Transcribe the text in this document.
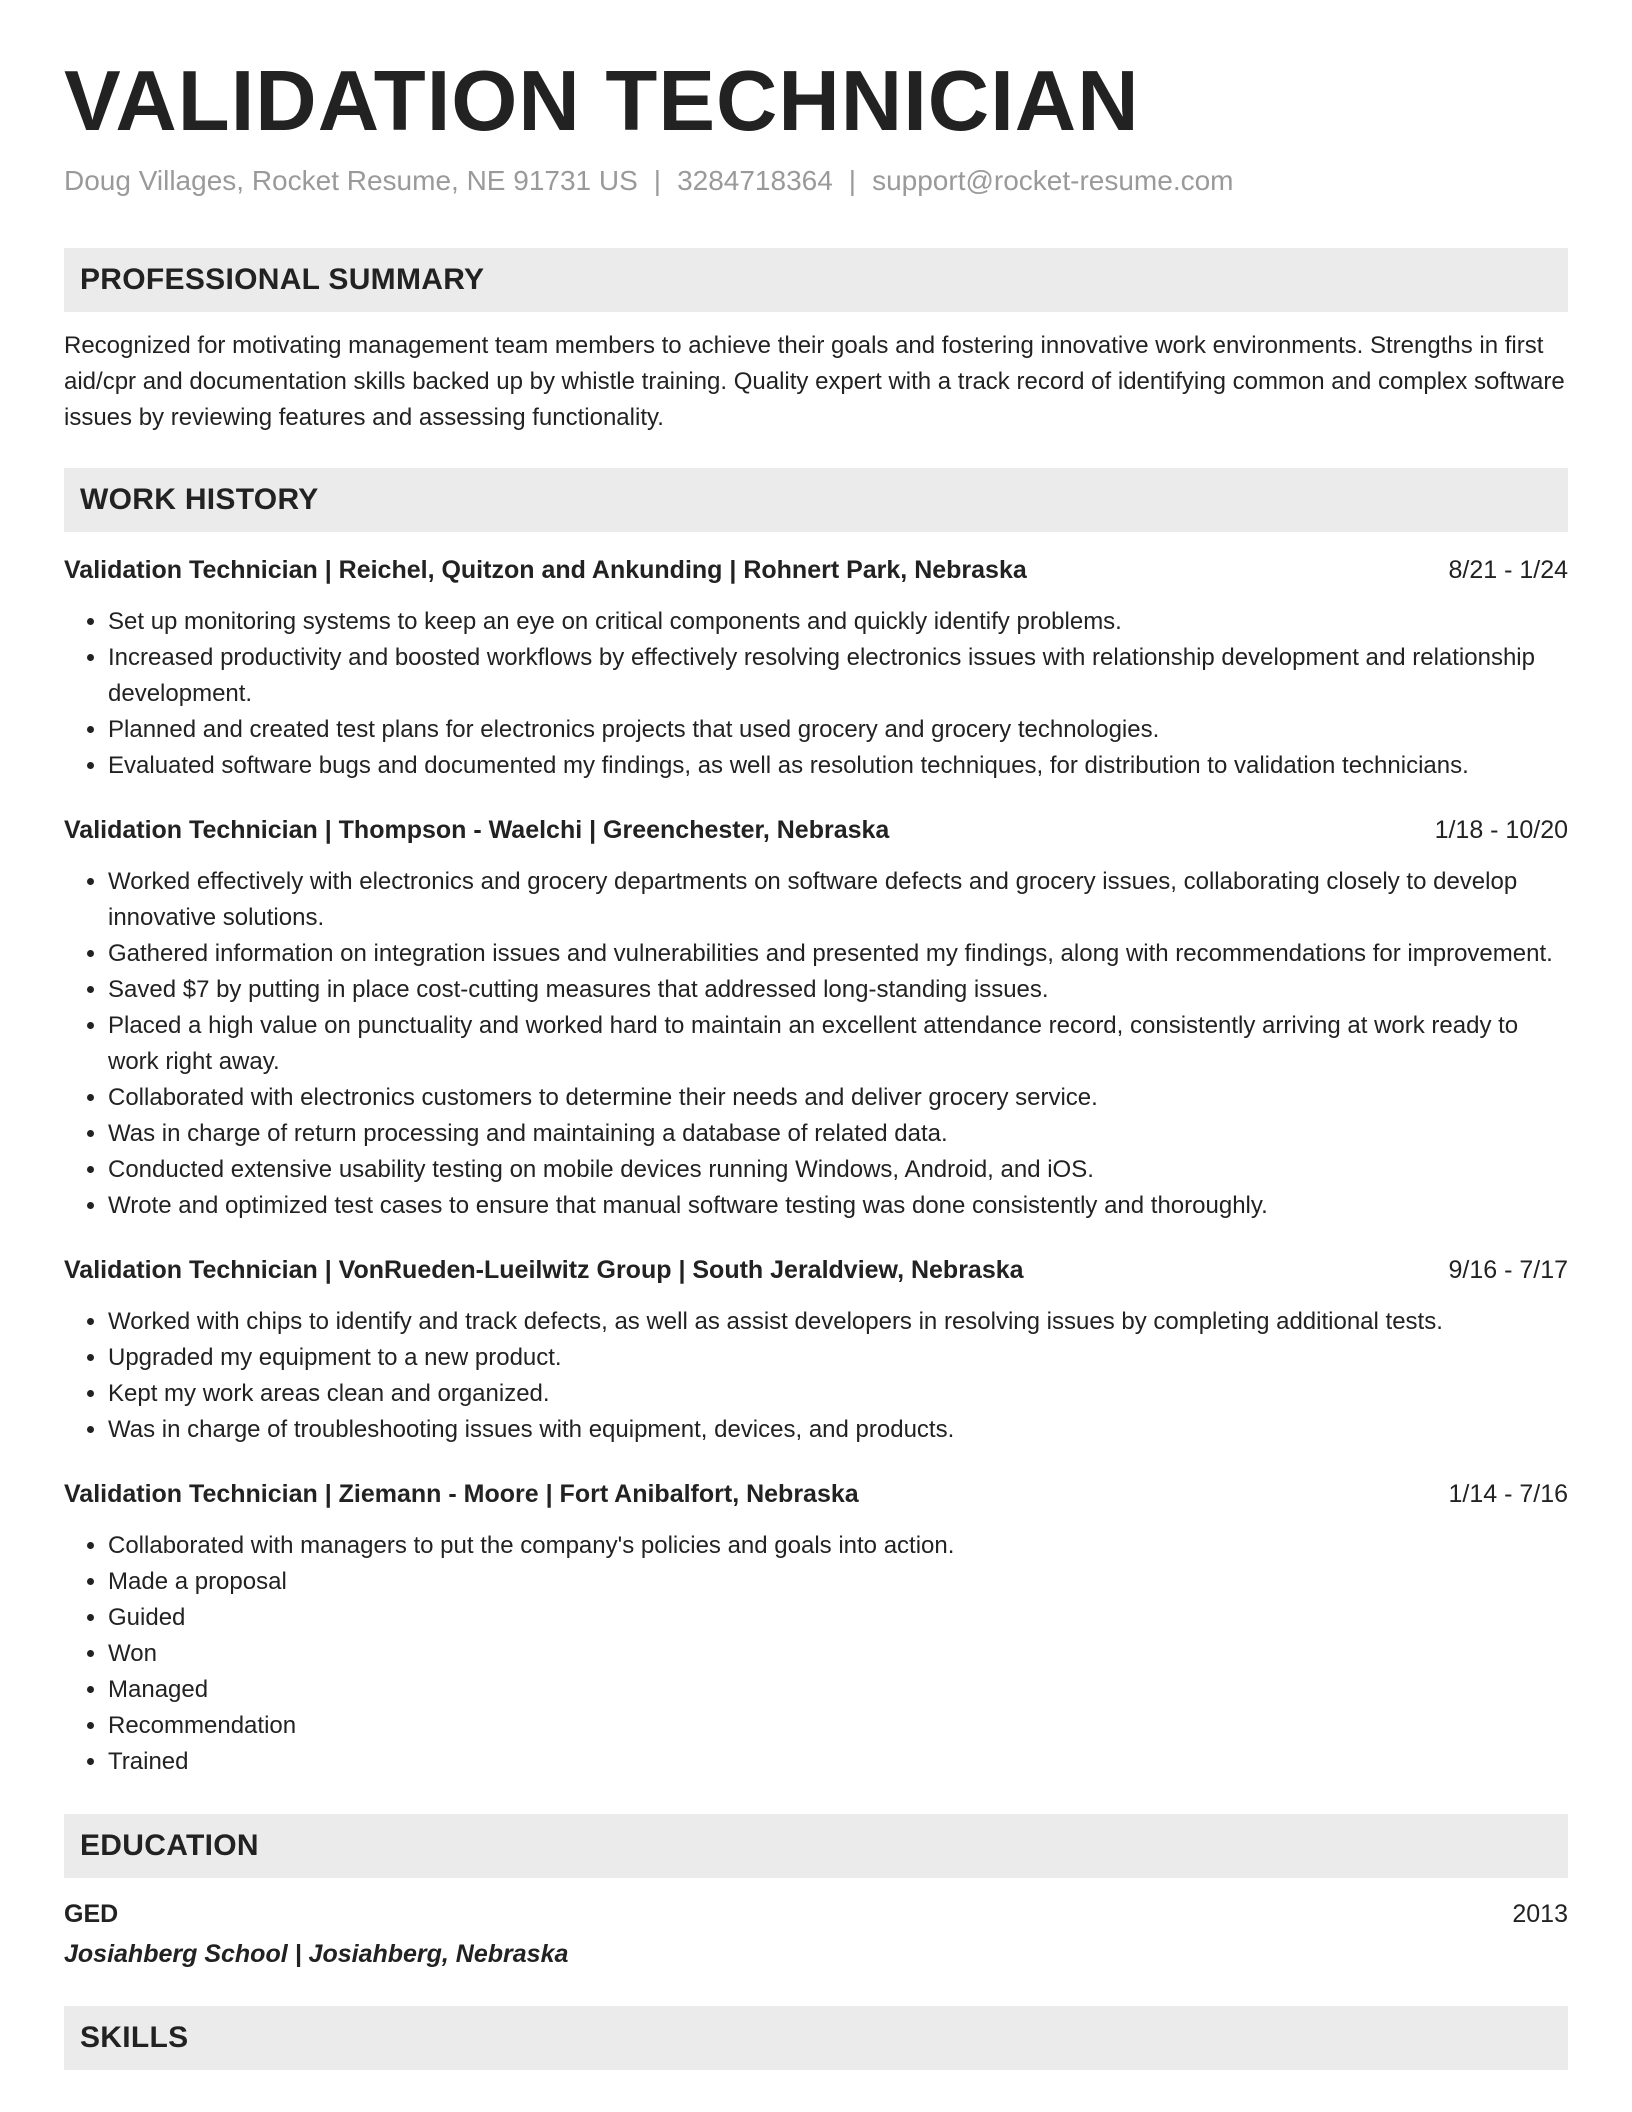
VALIDATION TECHNICIAN
Doug Villages, Rocket Resume, NE 91731 US | 3284718364 | support@rocket-resume.com
PROFESSIONAL SUMMARY

Recognized for motivating management team members to achieve their goals and fostering innovative work environments. Strengths in first aid/cpr and documentation skills backed up by whistle training. Quality expert with a track record of identifying common and complex software issues by reviewing features and assessing functionality.

WORK HISTORY
Validation Technician | Reichel, Quitzon and Ankunding | Rohnert Park, Nebraska	8/21 - 1/24
• Set up monitoring systems to keep an eye on critical components and quickly identify problems.
• Increased productivity and boosted workflows by effectively resolving electronics issues with relationship development and relationship development.
• Planned and created test plans for electronics projects that used grocery and grocery technologies.
• Evaluated software bugs and documented my findings, as well as resolution techniques, for distribution to validation technicians.
Validation Technician | Thompson - Waelchi | Greenchester, Nebraska	1/18 - 10/20
• Worked effectively with electronics and grocery departments on software defects and grocery issues, collaborating closely to develop innovative solutions.
• Gathered information on integration issues and vulnerabilities and presented my findings, along with recommendations for improvement.
• Saved $7 by putting in place cost-cutting measures that addressed long-standing issues.
• Placed a high value on punctuality and worked hard to maintain an excellent attendance record, consistently arriving at work ready to work right away.
• Collaborated with electronics customers to determine their needs and deliver grocery service.
• Was in charge of return processing and maintaining a database of related data.
• Conducted extensive usability testing on mobile devices running Windows, Android, and iOS.
• Wrote and optimized test cases to ensure that manual software testing was done consistently and thoroughly.
Validation Technician | VonRueden-Lueilwitz Group | South Jeraldview, Nebraska	9/16 - 7/17
• Worked with chips to identify and track defects, as well as assist developers in resolving issues by completing additional tests.
• Upgraded my equipment to a new product.
• Kept my work areas clean and organized.
• Was in charge of troubleshooting issues with equipment, devices, and products.
Validation Technician | Ziemann - Moore | Fort Anibalfort, Nebraska	1/14 - 7/16
• Collaborated with managers to put the company's policies and goals into action.
• Made a proposal
• Guided
• Won
• Managed
• Recommendation
• Trained
EDUCATION
GED	2013
Josiahberg School | Josiahberg, Nebraska
SKILLS
